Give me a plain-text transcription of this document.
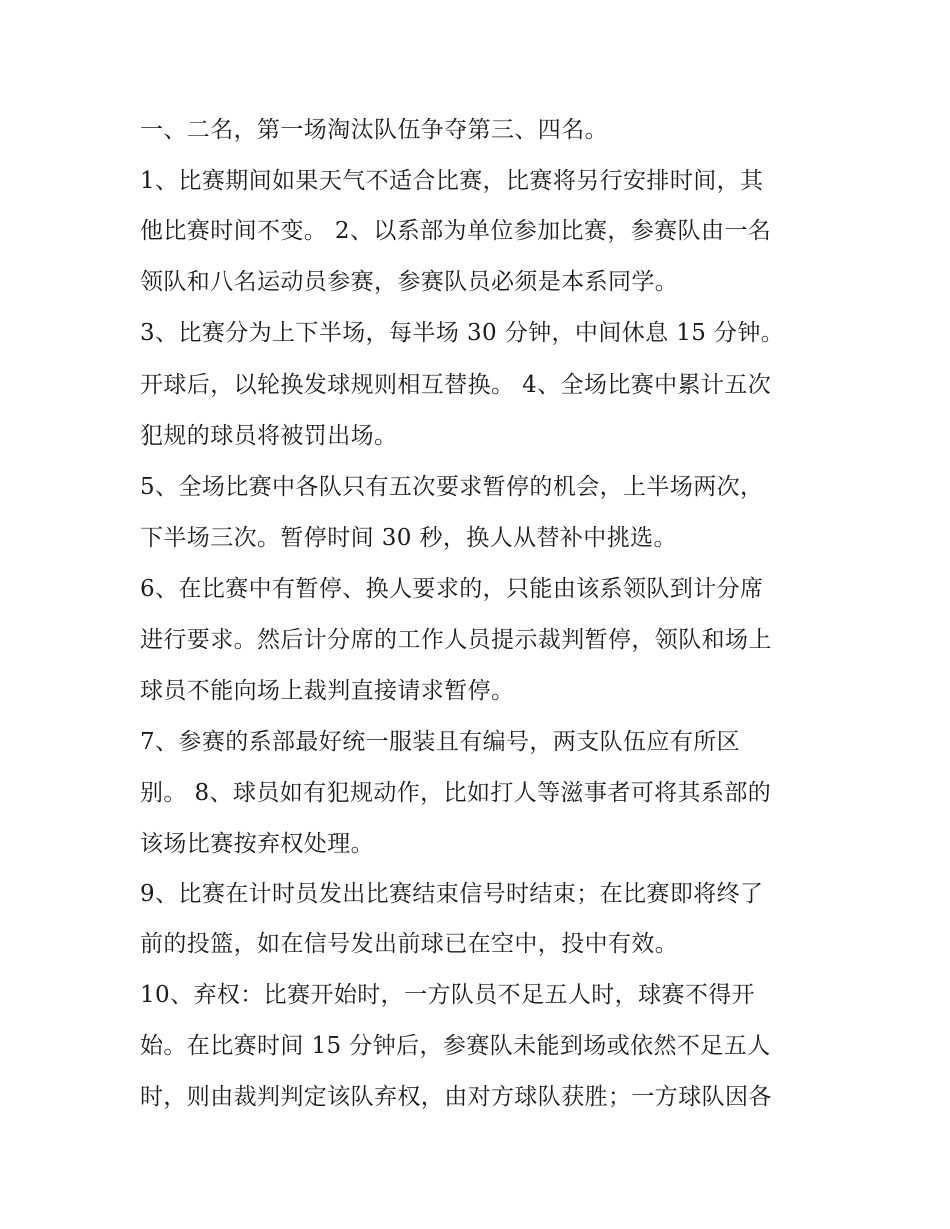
一、二名，第一场淘汰队伍争夺第三、四名。
1、比赛期间如果天气不适合比赛，比赛将另行安排时间，其
他比赛时间不变。 2、以系部为单位参加比赛，参赛队由一名
领队和八名运动员参赛，参赛队员必须是本系同学。
3、比赛分为上下半场，每半场 30 分钟，中间休息 15 分钟。
开球后，以轮换发球规则相互替换。 4、全场比赛中累计五次
犯规的球员将被罚出场。
5、全场比赛中各队只有五次要求暂停的机会，上半场两次，
下半场三次。暂停时间 30 秒，换人从替补中挑选。
6、在比赛中有暂停、换人要求的，只能由该系领队到计分席
进行要求。然后计分席的工作人员提示裁判暂停，领队和场上
球员不能向场上裁判直接请求暂停。
7、参赛的系部最好统一服装且有编号，两支队伍应有所区
别。 8、球员如有犯规动作，比如打人等滋事者可将其系部的
该场比赛按弃权处理。
9、比赛在计时员发出比赛结束信号时结束；在比赛即将终了
前的投篮，如在信号发出前球已在空中，投中有效。
10、弃权：比赛开始时，一方队员不足五人时，球赛不得开
始。在比赛时间 15 分钟后，参赛队未能到场或依然不足五人
时，则由裁判判定该队弃权，由对方球队获胜；一方球队因各
